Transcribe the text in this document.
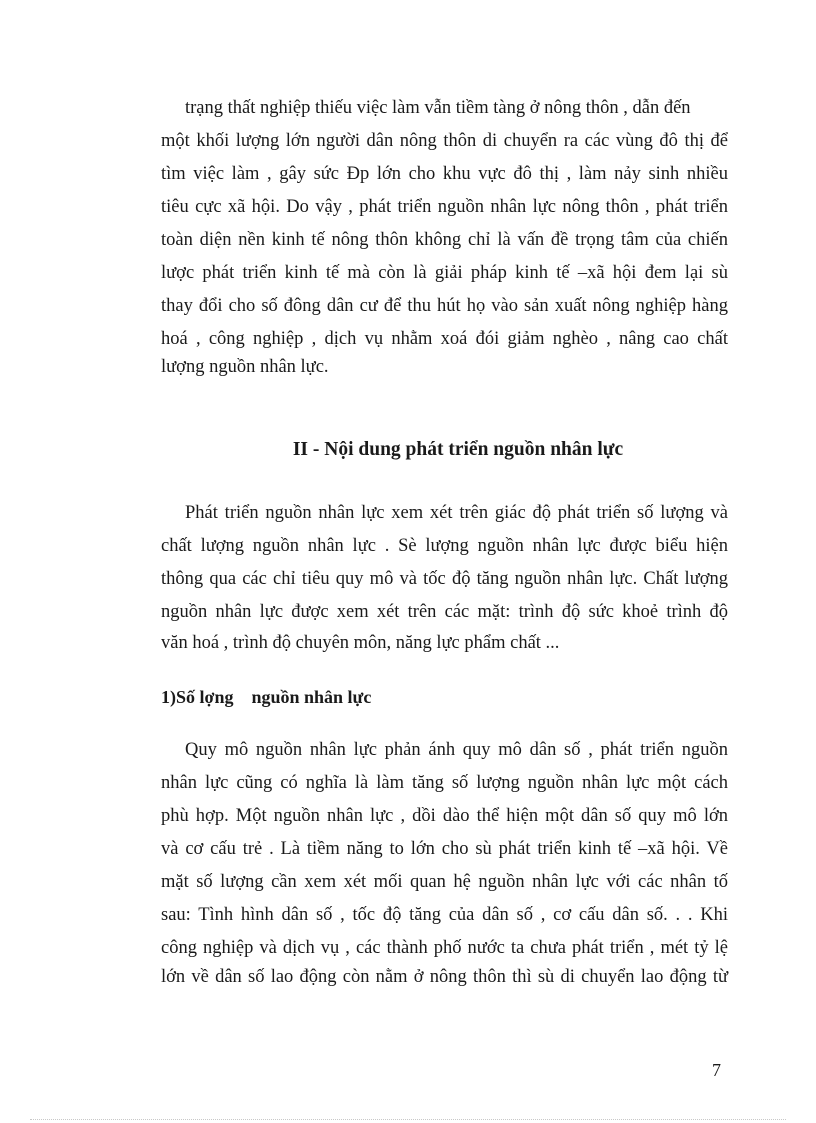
trạng thất nghiệp thiếu việc làm vẫn tiềm tàng ở nông thôn , dẫn đến
một khối lượng lớn người dân nông thôn di chuyển ra các vùng đô thị để
tìm việc làm , gây sức Đp lớn cho khu vực đô thị , làm nảy sinh nhiều
tiêu cực xã hội. Do vậy , phát triển nguồn nhân lực nông thôn , phát triển
toàn diện nền kinh tế nông thôn không chỉ là vấn đề trọng tâm của chiến
lược phát triển kinh tế mà còn là giải pháp kinh tế –xã hội đem lại sù
thay đổi cho số đông dân cư để thu hút họ vào sản xuất nông nghiệp hàng
hoá , công nghiệp , dịch vụ nhằm xoá đói giảm nghèo , nâng cao chất
lượng nguồn nhân lực.
II - Nội dung phát triển nguồn nhân lực
Phát triển nguồn nhân lực xem xét trên giác độ phát triển số lượng và
chất lượng nguồn nhân lực . Sè lượng nguồn nhân lực được biểu hiện
thông qua các chỉ tiêu quy mô và tốc độ tăng nguồn nhân lực. Chất lượng
nguồn nhân lực được xem xét trên các mặt: trình độ sức khoẻ trình độ
văn hoá , trình độ chuyên môn, năng lực phẩm chất ...
1)Số lợng    nguồn nhân lực
Quy mô nguồn nhân lực phản ánh quy mô dân số , phát triển nguồn
nhân lực cũng có nghĩa là làm tăng số lượng nguồn nhân lực một cách
phù hợp. Một nguồn nhân lực , dồi dào thể hiện một dân số quy mô lớn
và cơ cấu trẻ . Là tiềm năng to lớn cho sù phát triển kinh tế –xã hội. Về
mặt số lượng cần xem xét mối quan hệ nguồn nhân lực với các nhân tố
sau: Tình hình dân số , tốc độ tăng của dân số , cơ cấu dân số. . . Khi
công nghiệp và dịch vụ , các thành phố nước ta chưa phát triển , mét tỷ lệ
lớn về dân số lao động còn nằm ở nông thôn thì sù di chuyển lao động từ
7
